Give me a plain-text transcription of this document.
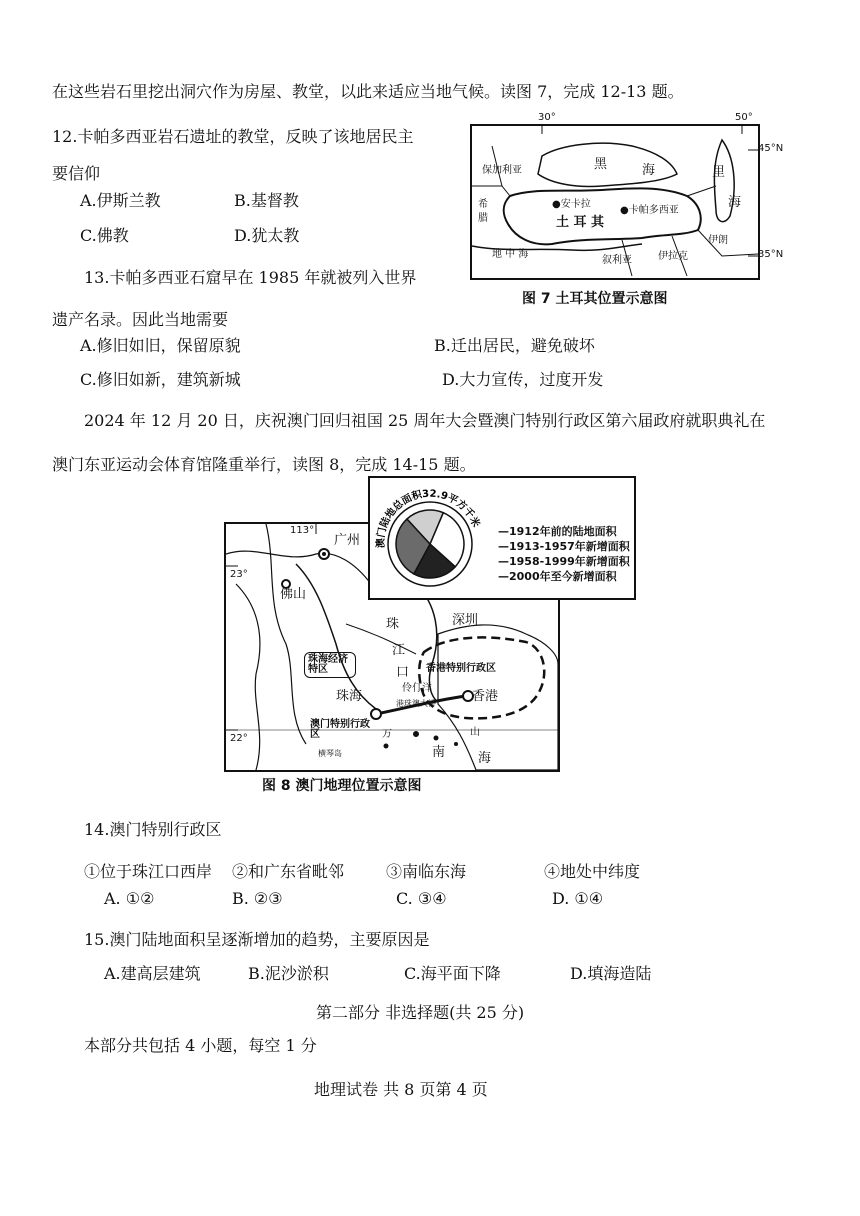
在这些岩石里挖出洞穴作为房屋、教堂，以此来适应当地气候。读图 7，完成 12-13 题。
12.卡帕多西亚岩石遗址的教堂，反映了该地居民主
要信仰
A.伊斯兰教	B.基督教
C.佛教	D.犹太教
13.卡帕多西亚石窟早在 1985 年就被列入世界
遗产名录。因此当地需要
A.修旧如旧，保留原貌	B.迁出居民，避免破坏
C.修旧如新，建筑新城	D.大力宣传，过度开发
保加利亚	黑	海	里
海
希
腊
●安卡拉
●卡帕多西亚
土 耳 其
地 中 海
叙利亚	伊拉克
伊朗
30°	50°
45°N
35°N
图 7 土耳其位置示意图
2024 年 12 月 20 日，庆祝澳门回归祖国 25 周年大会暨澳门特别行政区第六届政府就职典礼在
澳门东亚运动会体育馆隆重举行，读图 8，完成 14-15 题。
113°
23°
22°
广州
佛山
深圳
珠
江
口
珠海经济特区
珠海
香港特别行政区
香港
伶仃洋
港珠澳大桥
澳门特别行政区
横琴岛
万	山
南	海
澳门陆地总面积32.9平方千米
—1912年前的陆地面积
—1913-1957年新增面积
—1958-1999年新增面积
—2000年至今新增面积
图 8 澳门地理位置示意图
14.澳门特别行政区
①位于珠江口西岸 ②和广东省毗邻	③南临东海	④地处中纬度
A. ①②	B. ②③	C. ③④	D. ①④
15.澳门陆地面积呈逐渐增加的趋势，主要原因是
A.建高层建筑	B.泥沙淤积	C.海平面下降	D.填海造陆
第二部分 非选择题(共 25 分)
本部分共包括 4 小题，每空 1 分
地理试卷 共 8 页第 4 页
